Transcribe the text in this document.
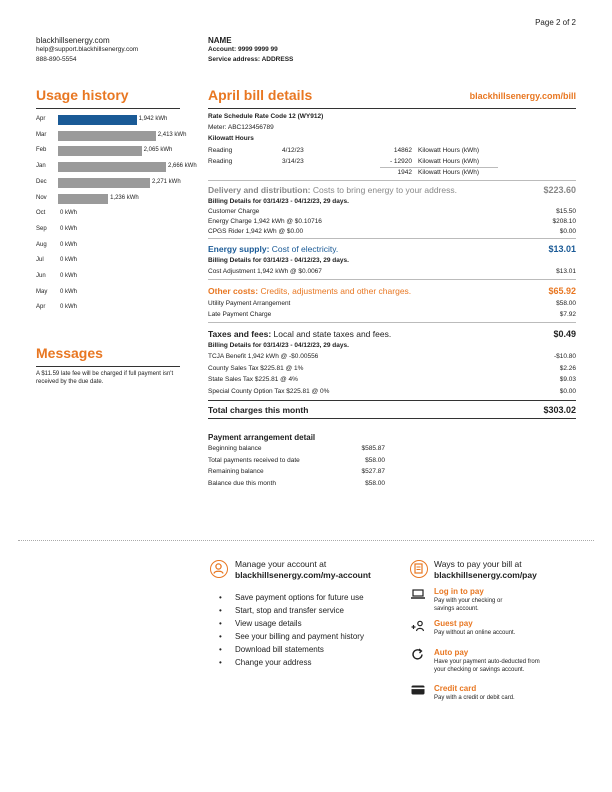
Page 2 of 2
blackhillsenergy.com
help@support.blackhillsenergy.com
888-890-5554
NAME
Account: 9999 9999 99
Service address: ADDRESS
Usage history
Apr	1,942 kWh
Mar	2,413 kWh
Feb	2,065 kWh
Jan	2,666 kWh
Dec	2,271 kWh
Nov	1,236 kWh
Oct	0 kWh
Sep	0 kWh
Aug	0 kWh
Jul	0 kWh
Jun	0 kWh
May	0 kWh
Apr	0 kWh
Messages
A $11.59 late fee will be charged if full payment isn't received by the due date.
April bill details	blackhillsenergy.com/bill
Rate Schedule Rate Code 12 (WY912)
Meter: ABC123456789
Kilowatt Hours
Reading	4/12/23	14862 Kilowatt Hours (kWh)
Reading	3/14/23	- 12920 Kilowatt Hours (kWh)
1942 Kilowatt Hours (kWh)
Delivery and distribution: Costs to bring energy to your address.	$223.60
Billing Details for 03/14/23 - 04/12/23, 29 days.
Customer Charge	$15.50
Energy Charge 1,942 kWh @ $0.10716	$208.10
CPGS Rider 1,942 kWh @ $0.00	$0.00
Energy supply: Cost of electricity.	$13.01
Billing Details for 03/14/23 - 04/12/23, 29 days.
Cost Adjustment 1,942 kWh @ $0.0067	$13.01
Other costs: Credits, adjustments and other charges.	$65.92
Utility Payment Arrangement	$58.00
Late Payment Charge	$7.92
Taxes and fees: Local and state taxes and fees.	$0.49
Billing Details for 03/14/23 - 04/12/23, 29 days.
TCJA Benefit 1,942 kWh @ -$0.00556	-$10.80
County Sales Tax $225.81 @ 1%	$2.26
State Sales Tax $225.81 @ 4%	$9.03
Special County Option Tax $225.81 @ 0%	$0.00
Total charges this month	$303.02
Payment arrangement detail
Beginning balance	$585.87
Total payments received to date	$58.00
Remaining balance	$527.87
Balance due this month	$58.00
Manage your account at
blackhillsenergy.com/my-account
• Save payment options for future use
• Start, stop and transfer service
• View usage details
• See your billing and payment history
• Download bill statements
• Change your address
Ways to pay your bill at
blackhillsenergy.com/pay
Log in to pay
Pay with your checking or
savings account.
Guest pay
Pay without an online account.
Auto pay
Have your payment auto-deducted from
your checking or savings account.
Credit card
Pay with a credit or debit card.
